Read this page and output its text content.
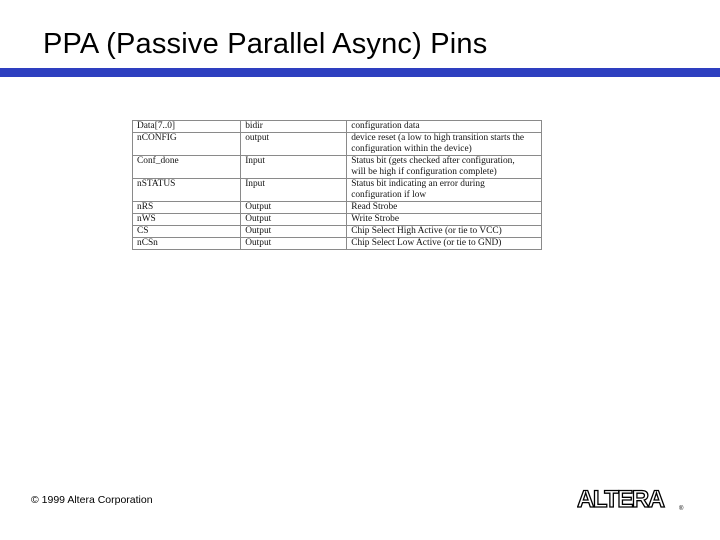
PPA (Passive Parallel Async) Pins
Data[7..0]	bidir	configuration data

nCONFIG	output	device reset (a low to high transition starts the
configuration within the device)

Conf_done	Input	Status bit (gets checked after configuration,
will be high if configuration complete)

nSTATUS	Input	Status bit indicating an error during
configuration if low

nRS	Output	Read Strobe

nWS	Output	Write Strobe

CS	Output	Chip Select High Active (or tie to VCC)

nCSn	Output	Chip Select Low Active (or tie to GND)
© 1999 Altera Corporation	ALTERA	®
